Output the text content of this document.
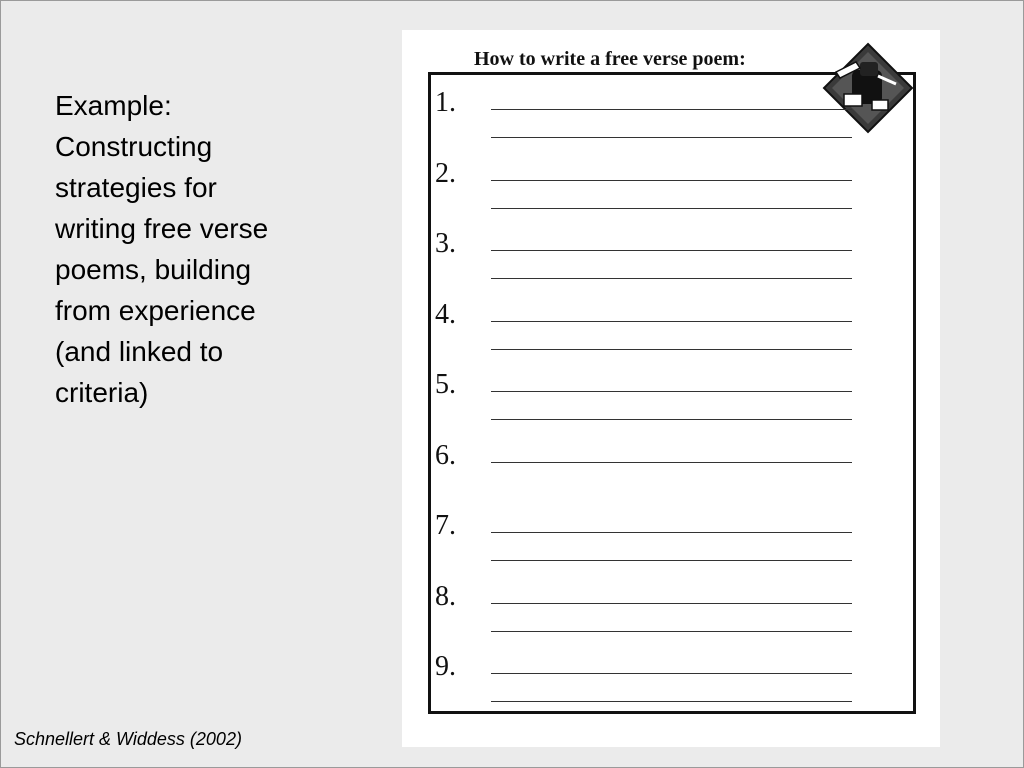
Example:
Constructing
strategies for
writing free verse
poems, building
from experience
(and linked to
criteria)
Schnellert & Widdess (2002)
How to write a free verse poem:
1.
2.
3.
4.
5.
6.
7.
8.
9.
